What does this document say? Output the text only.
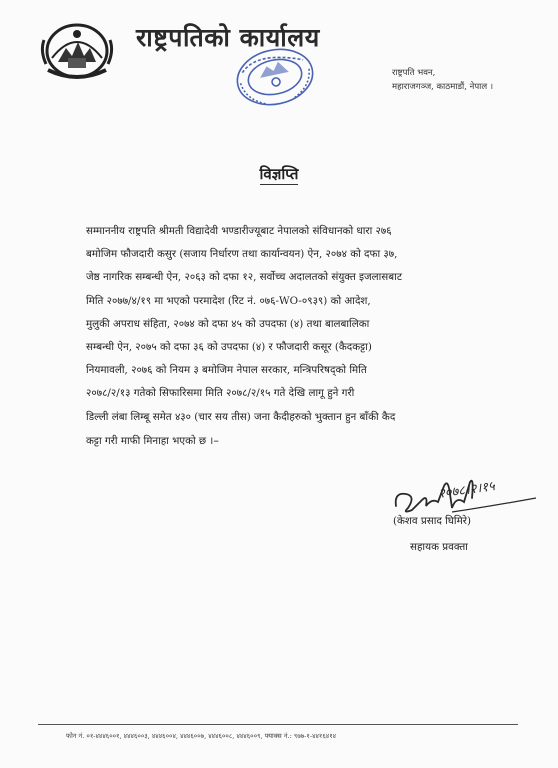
राष्ट्रपतिको कार्यालय
राष्ट्रपति भवन,
महाराजगञ्ज, काठमाडौं, नेपाल ।
विज्ञप्ति
सम्माननीय राष्ट्रपति श्रीमती विद्यादेवी भण्डारीज्यूबाट नेपालको संविधानको धारा २७६
बमोजिम फौजदारी कसुर (सजाय निर्धारण तथा कार्यान्वयन) ऐन, २०७४ को दफा ३७,
जेष्ठ नागरिक सम्बन्धी ऐन, २०६३ को दफा १२, सर्वोच्च अदालतको संयुक्त इजलासबाट
मिति २०७७/४/१९ मा भएको परमादेश (रिट नं. ०७६-WO-०९३९) को आदेश,
मुलुकी अपराध संहिता, २०७४ को दफा ४५ को उपदफा (४) तथा बालबालिका
सम्बन्धी ऐन, २०७५ को दफा ३६ को उपदफा (४) र फौजदारी कसूर (कैदकट्टा)
नियमावली, २०७६ को नियम ३ बमोजिम नेपाल सरकार, मन्त्रिपरिषद्को मिति
२०७८/२/१३ गतेको सिफारिसमा मिति २०७८/२/१५ गते देखि लागू हुने गरी
डिल्ली लंबा लिम्बू समेत ४३० (चार सय तीस) जना कैदीहरुको भुक्तान हुन बाँकी कैद
कट्टा गरी माफी मिनाहा भएको छ ।–
२०७८।२।१५
(केशव प्रसाद घिमिरे)
सहायक प्रवक्ता
फोन नं. ०१-४४४६००१, ४४४६००३, ४४४६००४, ४४४६००७, ४४४६००८, ४४४६००९, फ्याक्स नं.: ९७७-१-४४१६४१४
